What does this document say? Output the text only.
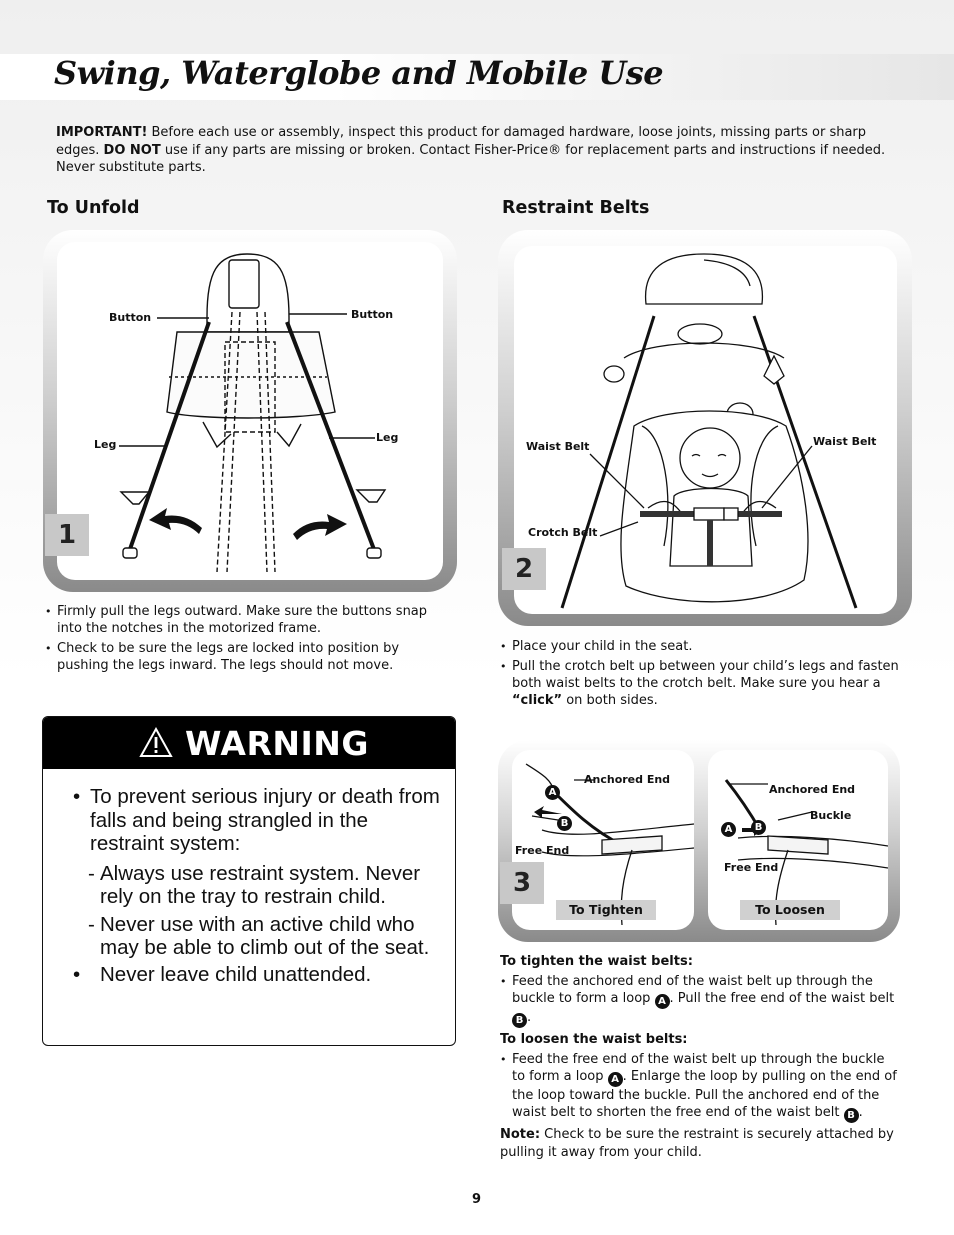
Swing, Waterglobe and Mobile Use
IMPORTANT! Before each use or assembly, inspect this product for damaged hardware, loose joints, missing parts or sharp edges. DO NOT use if any parts are missing or broken. Contact Fisher-Price® for replacement parts and instructions if needed. Never substitute parts.
To Unfold
Button	Button
Leg
Leg
1
• Firmly pull the legs outward. Make sure the buttons snap into the notches in the motorized frame.
• Check to be sure the legs are locked into position by pushing the legs inward. The legs should not move.
WARNING
• To prevent serious injury or death from falls and being strangled in the restraint system:
- Always use restraint system. Never rely on the tray to restrain child.
- Never use with an active child who may be able to climb out of the seat.
• Never leave child unattended.
Restraint Belts
Waist Belt	Waist Belt
Crotch Belt
2
• Place your child in the seat.
• Pull the crotch belt up between your child’s legs and fasten both waist belts to the crotch belt. Make sure you hear a “click” on both sides.
A
B
Anchored End
Free End
To Tighten
A	B
Anchored End
Buckle
Free End
To Loosen
3
To tighten the waist belts:
• Feed the anchored end of the waist belt up through the buckle to form a loop A . Pull the free end of the waist belt B .
To loosen the waist belts:
• Feed the free end of the waist belt up through the buckle to form a loop A . Enlarge the loop by pulling on the end of the loop toward the buckle. Pull the anchored end of the waist belt to shorten the free end of the waist belt B .
Note: Check to be sure the restraint is securely attached by pulling it away from your child.
9
